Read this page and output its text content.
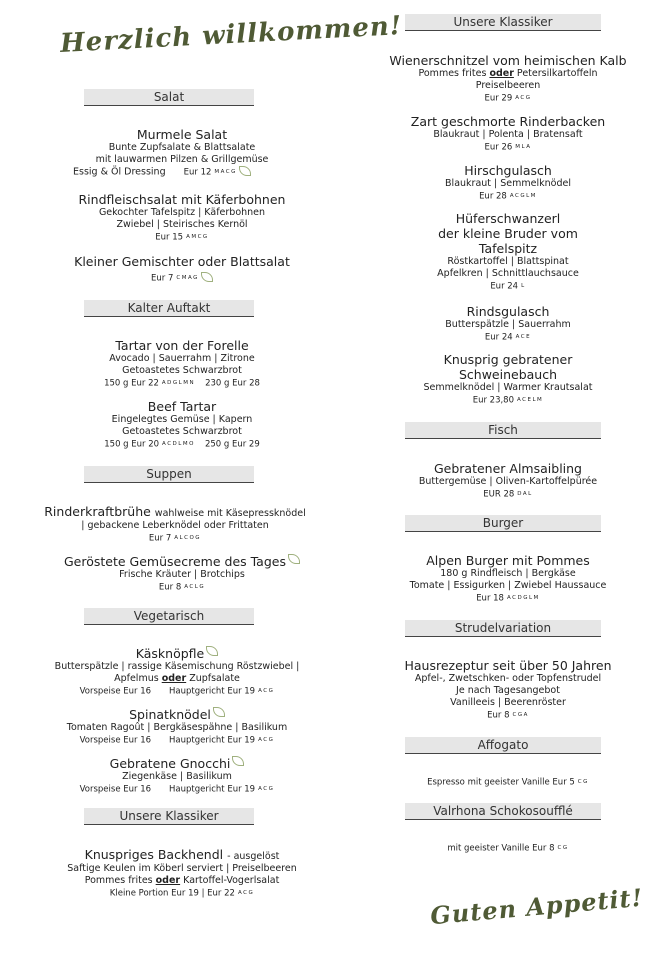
Herzlich willkommen!
Salat
Murmele Salat
Bunte Zupfsalate & Blattsalate
mit lauwarmen Pilzen & Grillgemüse
Essig & Öl Dressing Eur 12 MACG
Rindfleischsalat mit Käferbohnen
Gekochter Tafelspitz | Käferbohnen
Zwiebel | Steirisches Kernöl
Eur 15 AMCG
Kleiner Gemischter oder Blattsalat
Eur 7 CMAG
Kalter Auftakt
Tartar von der Forelle
Avocado | Sauerrahm | Zitrone
Getoastetes Schwarzbrot
150 g Eur 22 ADGLMN 230 g Eur 28
Beef Tartar
Eingelegtes Gemüse | Kapern
Getoastetes Schwarzbrot
150 g Eur 20 ACDLMO 250 g Eur 29
Suppen
Rinderkraftbrühe wahlweise mit Käsepressknödel
| gebackene Leberknödel oder Frittaten
Eur 7 ALCOG
Geröstete Gemüsecreme des Tages
Frische Kräuter | Brotchips
Eur 8 ACLG
Vegetarisch
Käsknöpfle
Butterspätzle | rassige Käsemischung Röstzwiebel |
Apfelmus oder Zupfsalate
Vorspeise Eur 16 Hauptgericht Eur 19 ACG
Spinatknödel
Tomaten Ragoût | Bergkäsespähne | Basilikum
Vorspeise Eur 16 Hauptgericht Eur 19 ACG
Gebratene Gnocchi
Ziegenkäse | Basilikum
Vorspeise Eur 16 Hauptgericht Eur 19 ACG
Unsere Klassiker
Knuspriges Backhendl - ausgelöst
Saftige Keulen im Köberl serviert | Preiselbeeren
Pommes frites oder Kartoffel-Vogerlsalat
Kleine Portion Eur 19 | Eur 22 ACG
Unsere Klassiker
Wienerschnitzel vom heimischen Kalb
Pommes frites oder Petersilkartoffeln
Preiselbeeren
Eur 29 ACG
Zart geschmorte Rinderbacken
Blaukraut | Polenta | Bratensaft
Eur 26 MLA
Hirschgulasch
Blaukraut | Semmelknödel
Eur 28 ACGLM
Hüferschwanzerl
der kleine Bruder vom
Tafelspitz
Röstkartoffel | Blattspinat
Apfelkren | Schnittlauchsauce
Eur 24 L
Rindsgulasch
Butterspätzle | Sauerrahm
Eur 24 ACE
Knusprig gebratener
Schweinebauch
Semmelknödel | Warmer Krautsalat
Eur 23,80 ACELM
Fisch
Gebratener Almsaibling
Buttergemüse | Oliven-Kartoffelpürée
EUR 28 DAL
Burger
Alpen Burger mit Pommes
180 g Rindfleisch | Bergkäse
Tomate | Essigurken | Zwiebel Haussauce
Eur 18 ACDGLM
Strudelvariation
Hausrezeptur seit über 50 Jahren
Apfel-, Zwetschken- oder Topfenstrudel
Je nach Tagesangebot
Vanilleeis | Beerenröster
Eur 8 CGA
Affogato
Espresso mit geeister Vanille Eur 5 CG
Valrhona Schokosoufflé
mit geeister Vanille Eur 8 CG
Guten Appetit!
